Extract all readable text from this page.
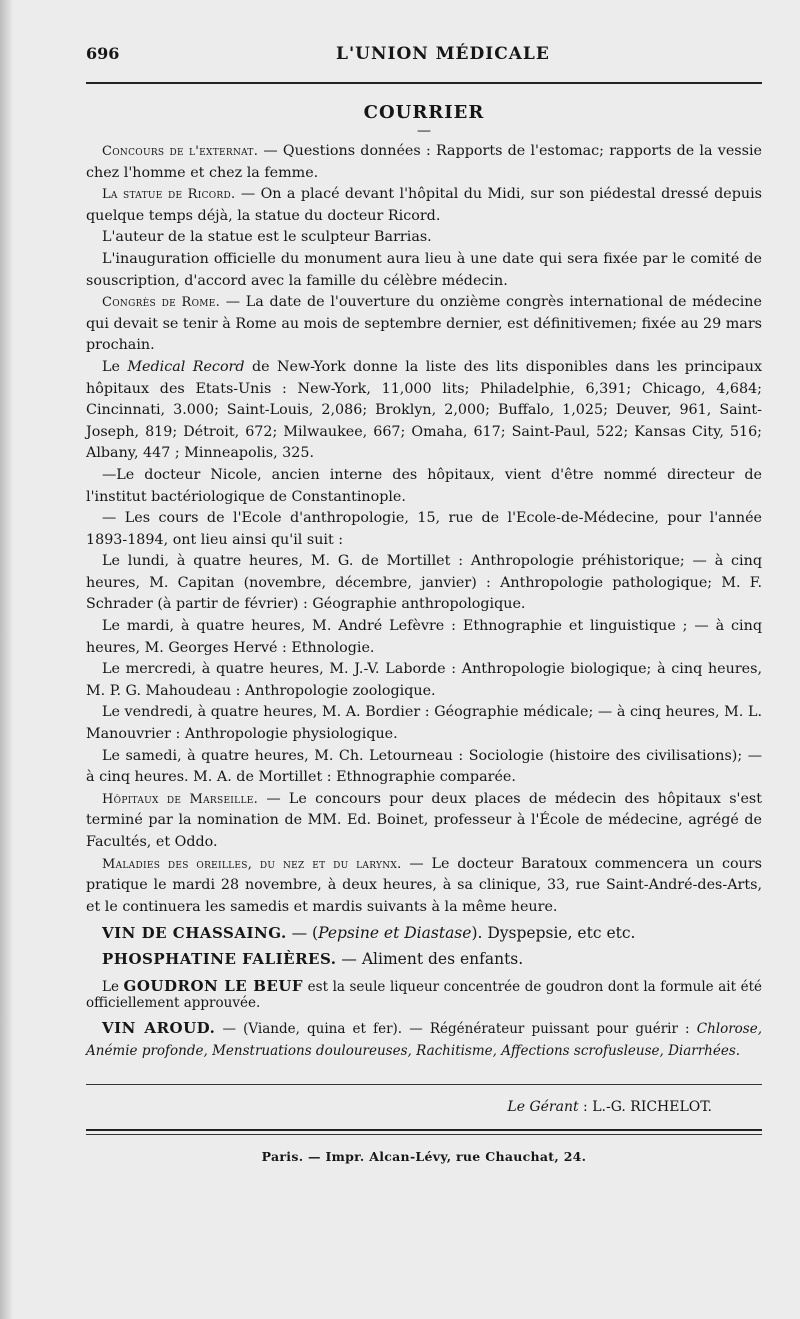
696	L'UNION MÉDICALE
COURRIER
—

Concours de l'externat. — Questions données : Rapports de l'estomac; rapports de la vessie chez l'homme et chez la femme.

La statue de Ricord. — On a placé devant l'hôpital du Midi, sur son piédestal dressé depuis quelque temps déjà, la statue du docteur Ricord.

L'auteur de la statue est le sculpteur Barrias.

L'inauguration officielle du monument aura lieu à une date qui sera fixée par le comité de souscription, d'accord avec la famille du célèbre médecin.

Congrès de Rome. — La date de l'ouverture du onzième congrès international de médecine qui devait se tenir à Rome au mois de septembre dernier, est définitivemen; fixée au 29 mars prochain.

Le Medical Record de New-York donne la liste des lits disponibles dans les principaux hôpitaux des Etats-Unis : New-York, 11,000 lits; Philadelphie, 6,391; Chicago, 4,684; Cincinnati, 3.000; Saint-Louis, 2,086; Broklyn, 2,000; Buffalo, 1,025; Deuver, 961, Saint-Joseph, 819; Détroit, 672; Milwaukee, 667; Omaha, 617; Saint-Paul, 522; Kansas City, 516; Albany, 447 ; Minneapolis, 325.

—Le docteur Nicole, ancien interne des hôpitaux, vient d'être nommé directeur de l'institut bactériologique de Constantinople.

— Les cours de l'Ecole d'anthropologie, 15, rue de l'Ecole-de-Médecine, pour l'année 1893-1894, ont lieu ainsi qu'il suit :

Le lundi, à quatre heures, M. G. de Mortillet : Anthropologie préhistorique; — à cinq heures, M. Capitan (novembre, décembre, janvier) : Anthropologie pathologique; M. F. Schrader (à partir de février) : Géographie anthropologique.

Le mardi, à quatre heures, M. André Lefèvre : Ethnographie et linguistique ; — à cinq heures, M. Georges Hervé : Ethnologie.

Le mercredi, à quatre heures, M. J.-V. Laborde : Anthropologie biologique; à cinq heures, M. P. G. Mahoudeau : Anthropologie zoologique.

Le vendredi, à quatre heures, M. A. Bordier : Géographie médicale; — à cinq heures, M. L. Manouvrier : Anthropologie physiologique.

Le samedi, à quatre heures, M. Ch. Letourneau : Sociologie (histoire des civilisations); — à cinq heures. M. A. de Mortillet : Ethnographie comparée.

Hôpitaux de Marseille. — Le concours pour deux places de médecin des hôpitaux s'est terminé par la nomination de MM. Ed. Boinet, professeur à l'École de médecine, agrégé de Facultés, et Oddo.

Maladies des oreilles, du nez et du larynx. — Le docteur Baratoux commencera un cours pratique le mardi 28 novembre, à deux heures, à sa clinique, 33, rue Saint-André-des-Arts, et le continuera les samedis et mardis suivants à la même heure.

VIN DE CHASSAING. — (Pepsine et Diastase). Dyspepsie, etc etc.

PHOSPHATINE FALIÈRES. — Aliment des enfants.

Le GOUDRON LE BEUF est la seule liqueur concentrée de goudron dont la formule ait été officiellement approuvée.

VIN AROUD. — (Viande, quina et fer). — Régénérateur puissant pour guérir : Chlorose, Anémie profonde, Menstruations douloureuses, Rachitisme, Affections scrofusleuse, Diarrhées.

Le Gérant : L.-G. RICHELOT.
Paris. — Impr. Alcan-Lévy, rue Chauchat, 24.
